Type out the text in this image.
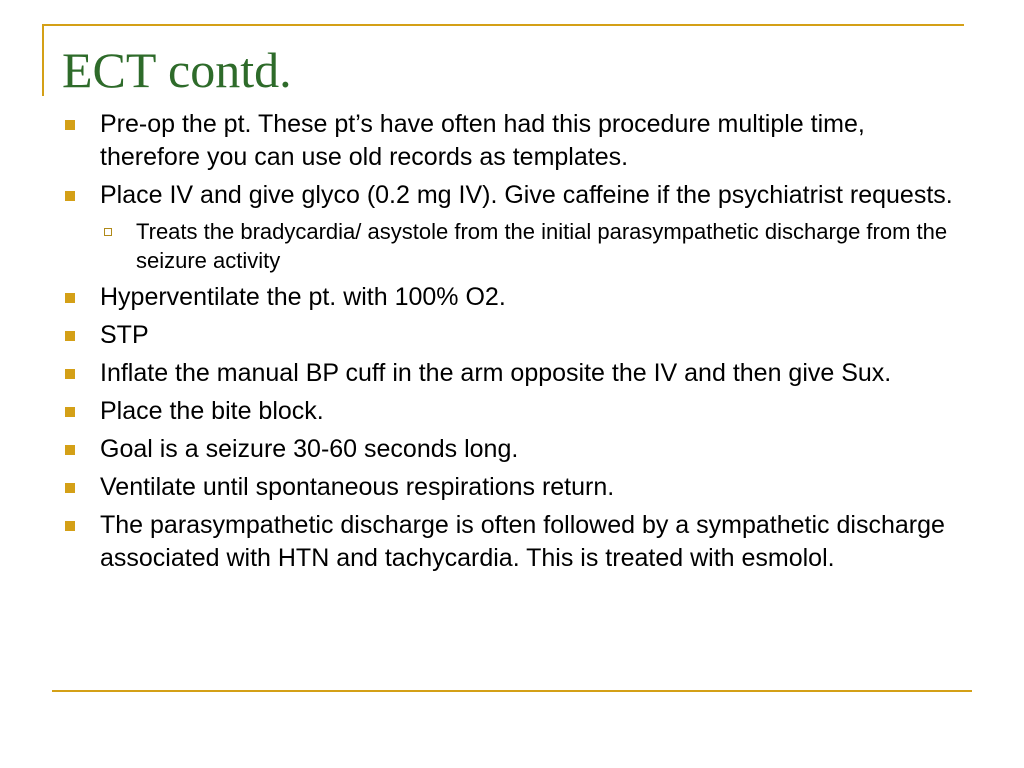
ECT contd.
Pre-op the pt. These pt’s have often had this procedure multiple time, therefore you can use old records as templates.
Place IV and give glyco (0.2 mg IV). Give caffeine if the psychiatrist requests.
Treats the bradycardia/ asystole from the initial parasympathetic discharge from the seizure activity
Hyperventilate the pt. with 100% O2.
STP
Inflate the manual BP cuff in the arm opposite the IV and then give Sux.
Place the bite block.
Goal is a seizure 30-60 seconds long.
Ventilate until spontaneous respirations return.
The parasympathetic discharge is often followed by a sympathetic discharge associated with HTN and tachycardia. This is treated with esmolol.
